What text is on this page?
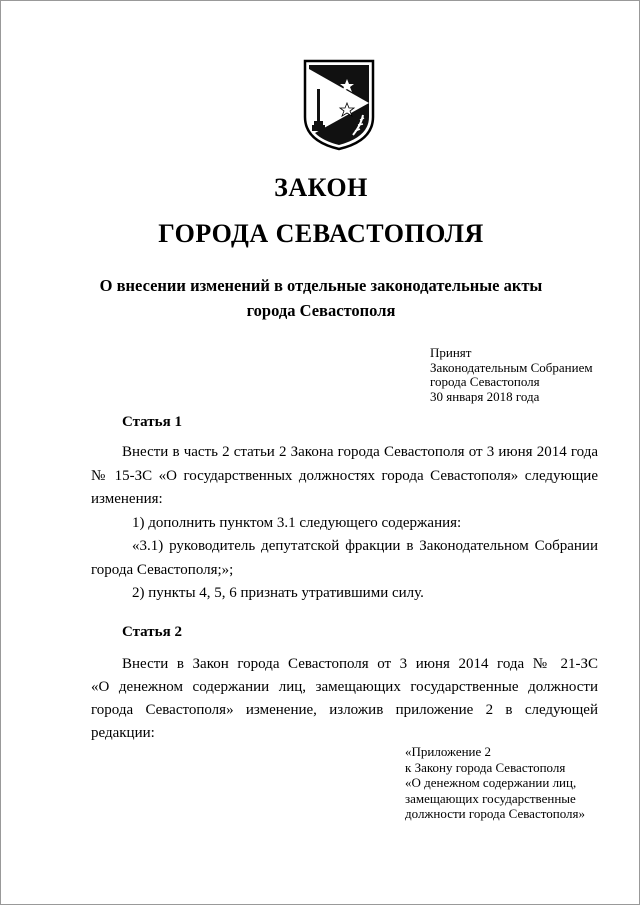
ЗАКОН
ГОРОДА СЕВАСТОПОЛЯ
О внесении изменений в отдельные законодательные акты
города Севастополя
Принят
Законодательным Собранием
города Севастополя
30 января 2018 года
Статья 1
Внести в часть 2 статьи 2 Закона города Севастополя от 3 июня 2014 года
№ 15-ЗС «О государственных должностях города Севастополя» следующие
изменения:
1) дополнить пунктом 3.1 следующего содержания:
«3.1) руководитель депутатской фракции в Законодательном Собрании
города Севастополя;»;
2) пункты 4, 5, 6 признать утратившими силу.
Статья 2
Внести в Закон города Севастополя от 3 июня 2014 года № 21-ЗС
«О денежном содержании лиц, замещающих государственные должности
города Севастополя» изменение, изложив приложение 2 в следующей
редакции:
«Приложение 2
к Закону города Севастополя
«О денежном содержании лиц,
замещающих государственные
должности города Севастополя»
